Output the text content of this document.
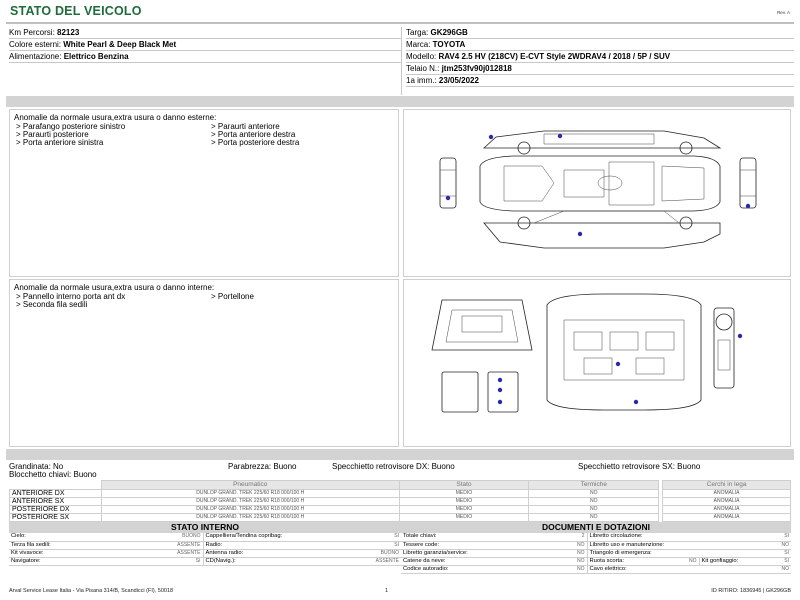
STATO DEL VEICOLO	Rev. A
Km Percorsi: 82123
Colore esterni: White Pearl & Deep Black Met
Alimentazione: Elettrico Benzina
Targa: GK296GB
Marca: TOYOTA
Modello: RAV4 2.5 HV (218CV) E-CVT Style 2WDRAV4 / 2018 / 5P / SUV
Telaio N.: jtm253fv90j012818
1a imm.: 23/05/2022
Anomalie da normale usura,extra usura o danno esterne:
> Parafango posteriore sinistro	> Paraurti anteriore
> Paraurti posteriore	> Porta anteriore destra
> Porta anteriore sinistra	> Porta posteriore destra
Anomalie da normale usura,extra usura o danno interne:
> Pannello interno porta ant dx	> Portellone
> Seconda fila sedili
Grandinata: No	Parabrezza: Buono	Specchietto retrovisore DX: Buono	Specchietto retrovisore SX: Buono
Blocchetto chiavi: Buono
	Pneumatico	Stato	Termiche		Cerchi in lega
ANTERIORE DX	DUNLOP GRAND. TREK 225/60 R18 000/100 H	MEDIO	NO		ANOMALIA
ANTERIORE SX	DUNLOP GRAND. TREK 225/60 R18 000/100 H	MEDIO	NO		ANOMALIA
POSTERIORE DX	DUNLOP GRAND. TREK 225/60 R18 000/100 H	MEDIO	NO		ANOMALIA
POSTERIORE SX	DUNLOP GRAND. TREK 225/60 R18 000/100 H	MEDIO	NO		ANOMALIA
STATO INTERNO
Cielo:	BUONO	Cappelliera/Tendina copribag:	SI
Terza fila sedili:	ASSENTE	Radio:	SI
Kit vivavoce:	ASSENTE	Antenna radio:	BUONO
Navigatore:	SI	CD(Navig.):	ASSENTE
DOCUMENTI E DOTAZIONI
Totale chiavi:	2	Libretto circolazione:			SI
Tessere code:	NO	Libretto uso e manutenzione:			NO
Libretto garanzia/service:	NO	Triangolo di emergenza:			SI
Catene da neve:	NO	Ruota scorta:	NO	Kit gonfiaggio:	SI
Codice autoradio:	NO	Cavo elettrico:			NO
Arval Service Lease Italia - Via Pisana 314/B, Scandicci (FI), 50018	1	ID RITIRO: 1836945 | GK296GB
